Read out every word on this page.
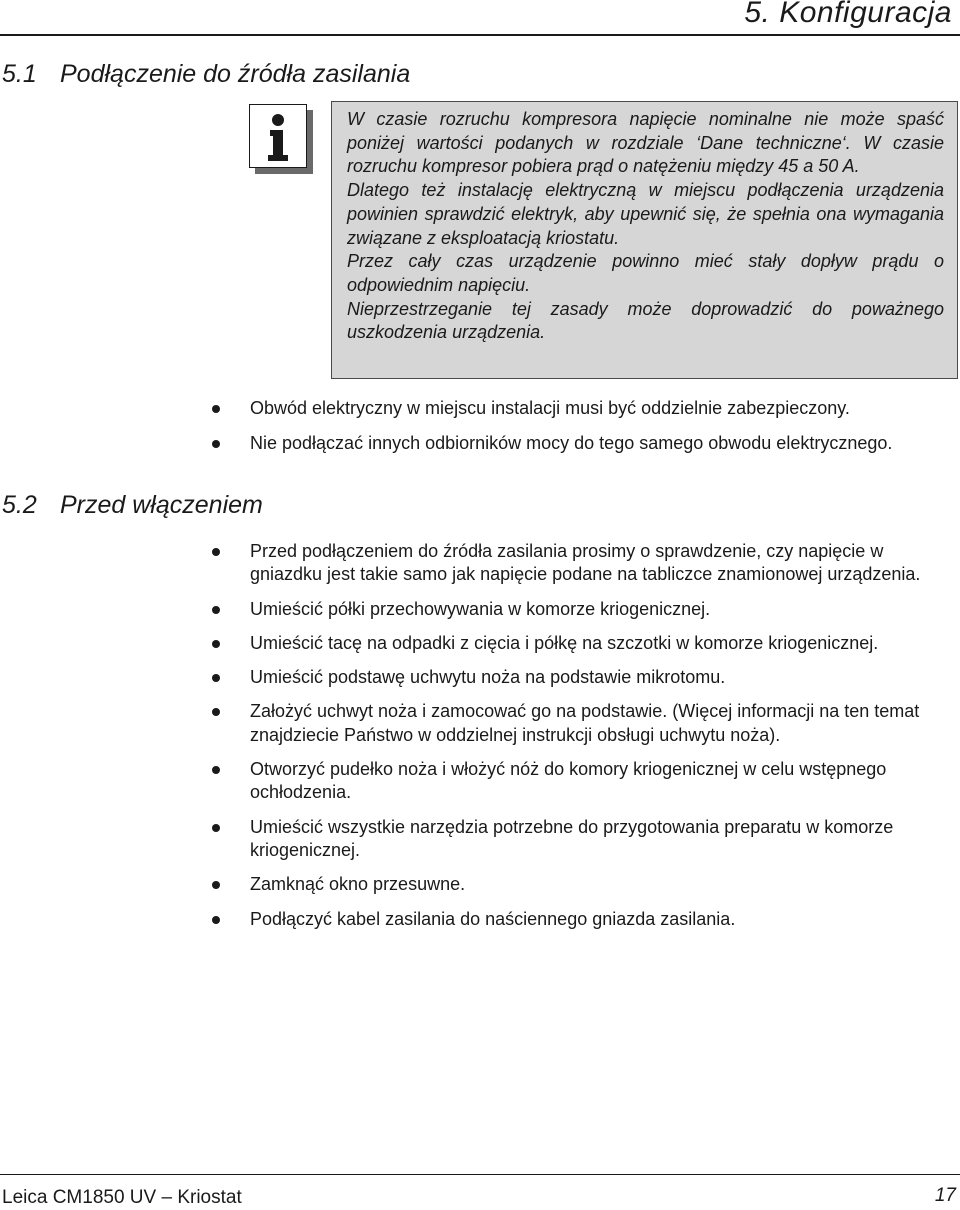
5. Konfiguracja
5.1 Podłączenie do źródła zasilania

W czasie rozruchu kompresora napięcie nominalne nie może spaść poniżej wartości podanych w rozdziale ‘Dane techniczne‘. W czasie rozruchu kompresor pobiera prąd o natężeniu między 45 a 50 A.

Dlatego też instalację elektryczną w miejscu podłączenia urządzenia powinien sprawdzić elektryk, aby upewnić się, że spełnia ona wymagania związane z eksploatacją kriostatu.

Przez cały czas urządzenie powinno mieć stały dopływ prądu o odpowiednim napięciu.

Nieprzestrzeganie tej zasady może doprowadzić do poważnego uszkodzenia urządzenia.

Obwód elektryczny w miejscu instalacji musi być oddzielnie zabezpieczony.
Nie podłączać innych odbiorników mocy do tego samego obwodu elektrycznego.
5.2 Przed włączeniem
Przed podłączeniem do źródła zasilania prosimy o sprawdzenie, czy napięcie w gniazdku jest takie samo jak napięcie podane na tabliczce znamionowej urządzenia.
Umieścić półki przechowywania w komorze kriogenicznej.
Umieścić tacę na odpadki z cięcia i półkę na szczotki w komorze kriogenicznej.
Umieścić podstawę uchwytu noża na podstawie mikrotomu.
Założyć uchwyt noża i zamocować go na podstawie. (Więcej informacji na ten temat znajdziecie Państwo w oddzielnej instrukcji obsługi uchwytu noża).
Otworzyć pudełko noża i włożyć nóż do komory kriogenicznej w celu wstępnego ochłodzenia.
Umieścić wszystkie narzędzia potrzebne do przygotowania preparatu w komorze kriogenicznej.
Zamknąć okno przesuwne.
Podłączyć kabel zasilania do naściennego gniazda zasilania.
Leica CM1850 UV – Kriostat	17
